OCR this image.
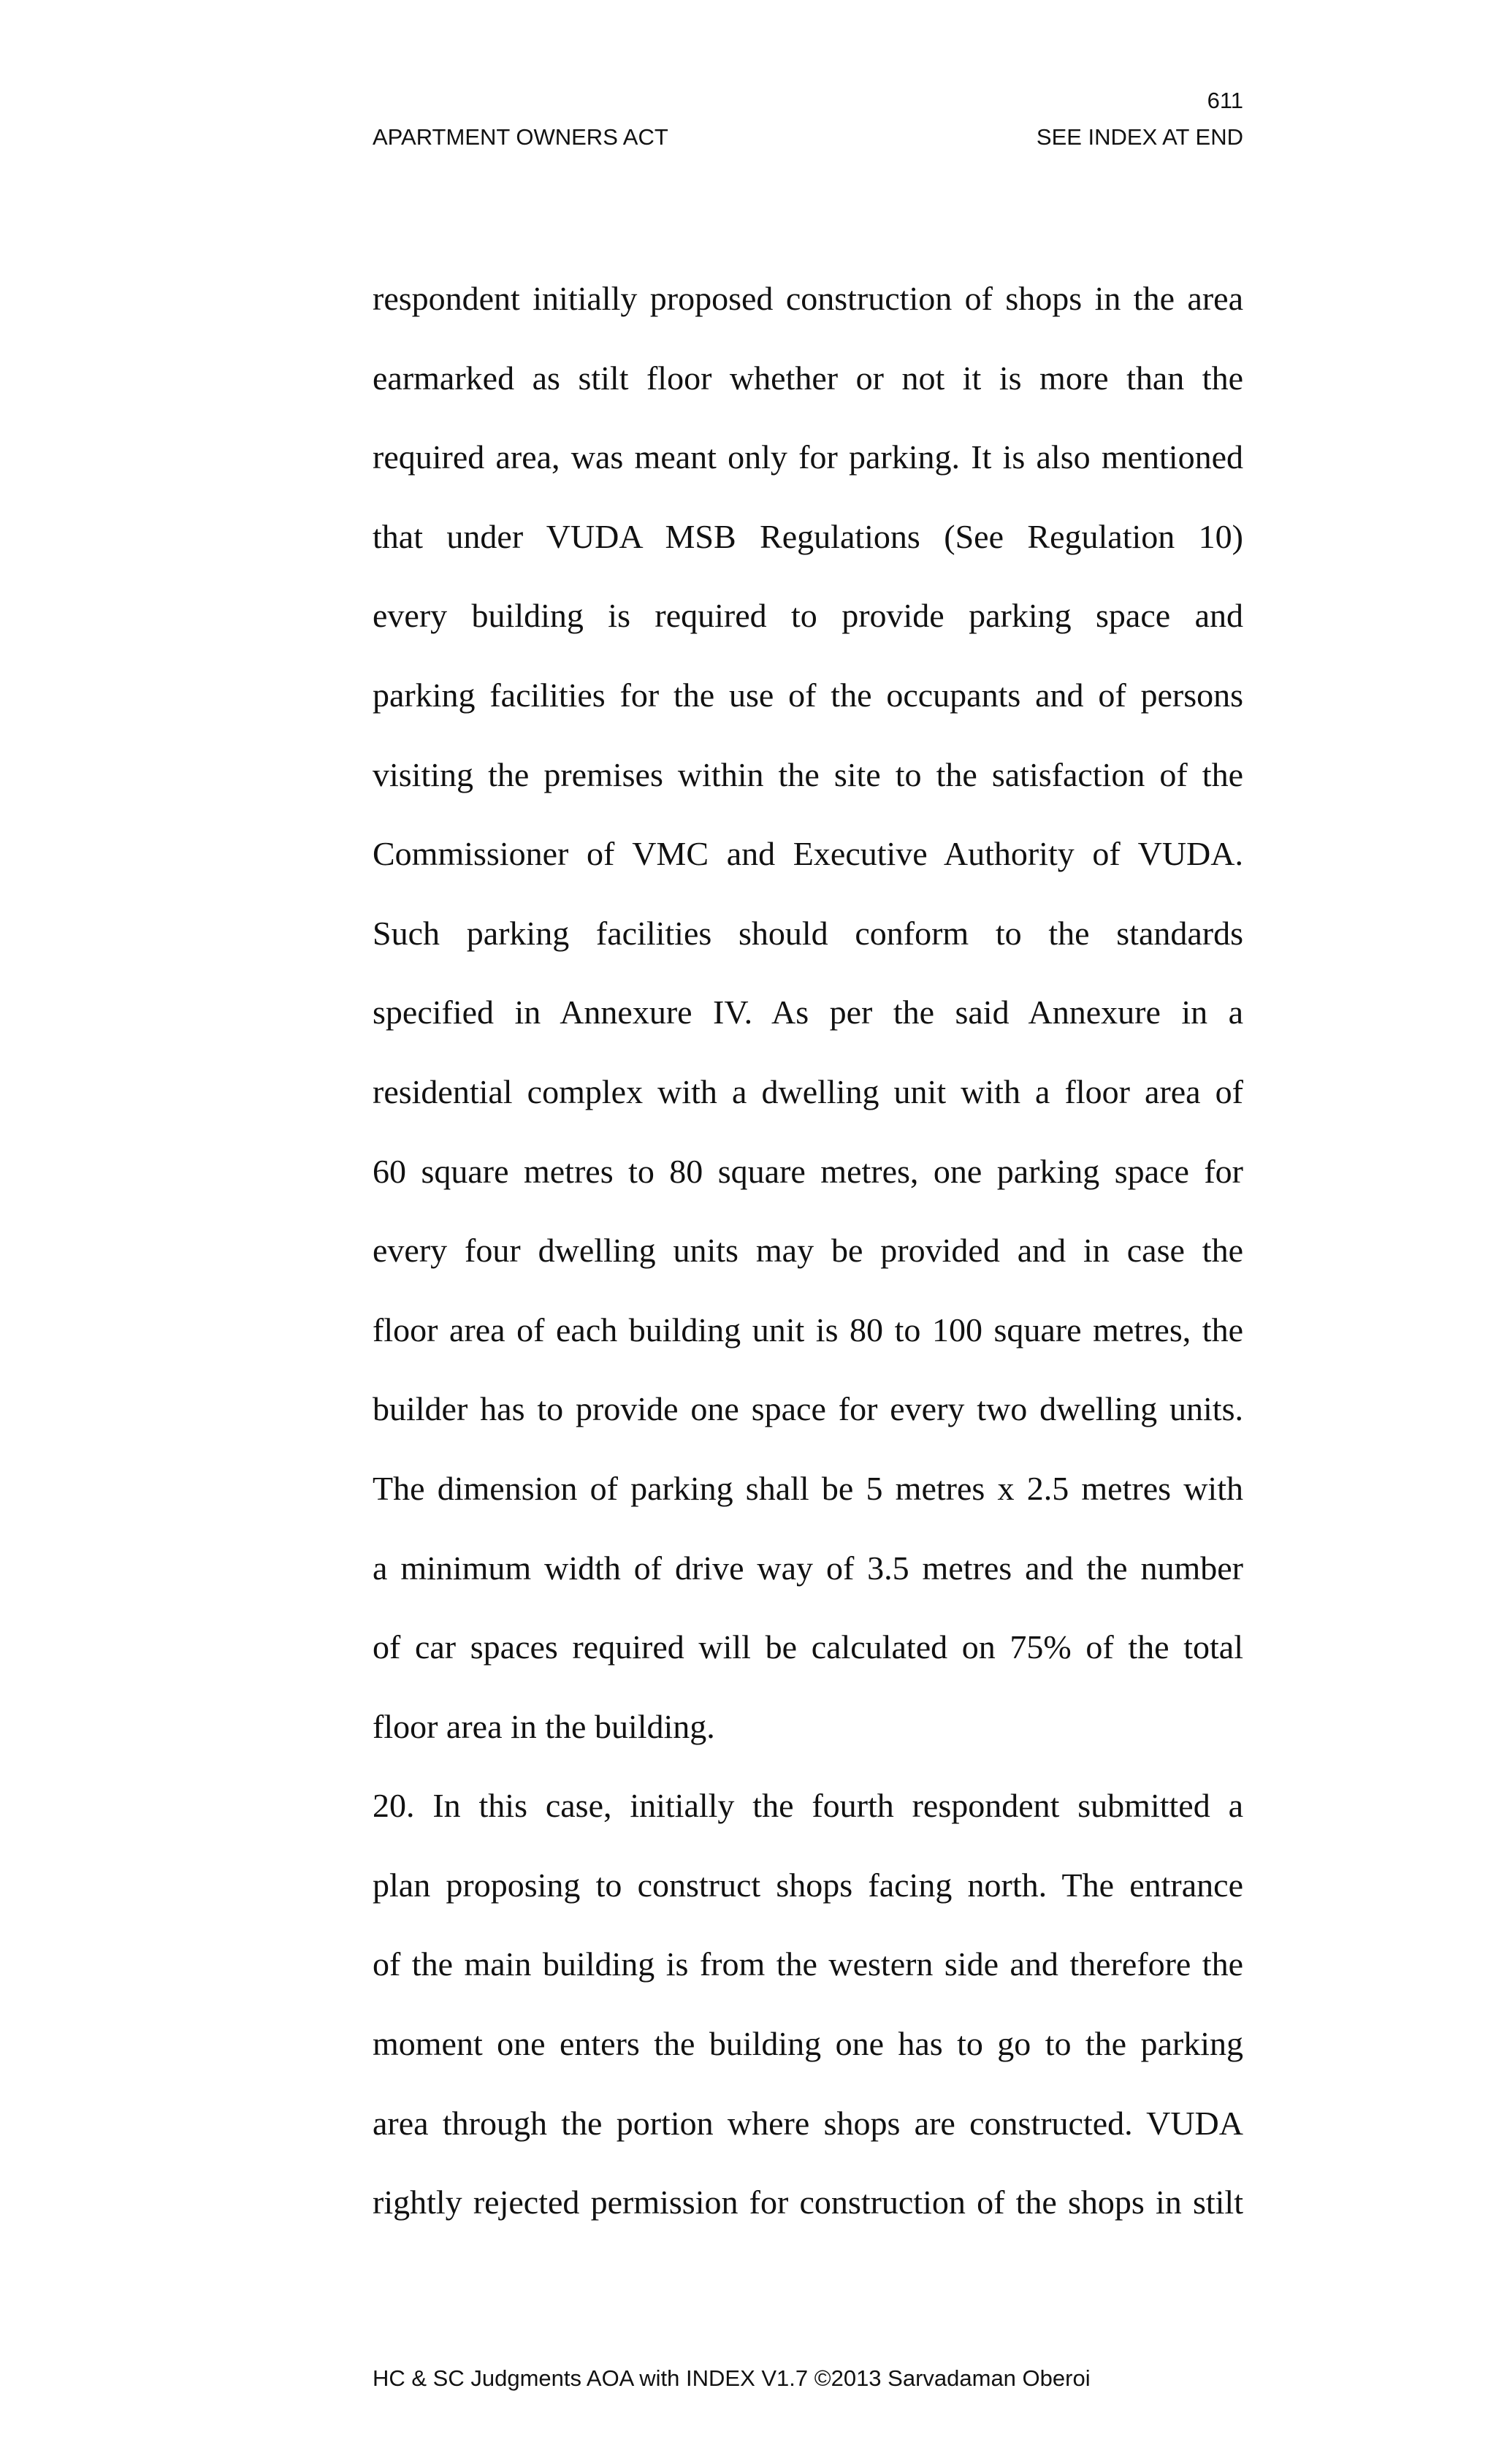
611
APARTMENT OWNERS ACT	SEE INDEX AT END
respondent initially proposed construction of shops in the area
earmarked as stilt floor whether or not it is more than the
required area, was meant only for parking. It is also mentioned
that under VUDA MSB Regulations (See Regulation 10)
every building is required to provide parking space and
parking facilities for the use of the occupants and of persons
visiting the premises within the site to the satisfaction of the
Commissioner of VMC and Executive Authority of VUDA.
Such parking facilities should conform to the standards
specified in Annexure IV. As per the said Annexure in a
residential complex with a dwelling unit with a floor area of
60 square metres to 80 square metres, one parking space for
every four dwelling units may be provided and in case the
floor area of each building unit is 80 to 100 square metres, the
builder has to provide one space for every two dwelling units.
The dimension of parking shall be 5 metres x 2.5 metres with
a minimum width of drive way of 3.5 metres and the number
of car spaces required will be calculated on 75% of the total
floor area in the building.
20. In this case, initially the fourth respondent submitted a
plan proposing to construct shops facing north. The entrance
of the main building is from the western side and therefore the
moment one enters the building one has to go to the parking
area through the portion where shops are constructed. VUDA
rightly rejected permission for construction of the shops in stilt
HC & SC Judgments AOA with INDEX V1.7 ©2013 Sarvadaman Oberoi
